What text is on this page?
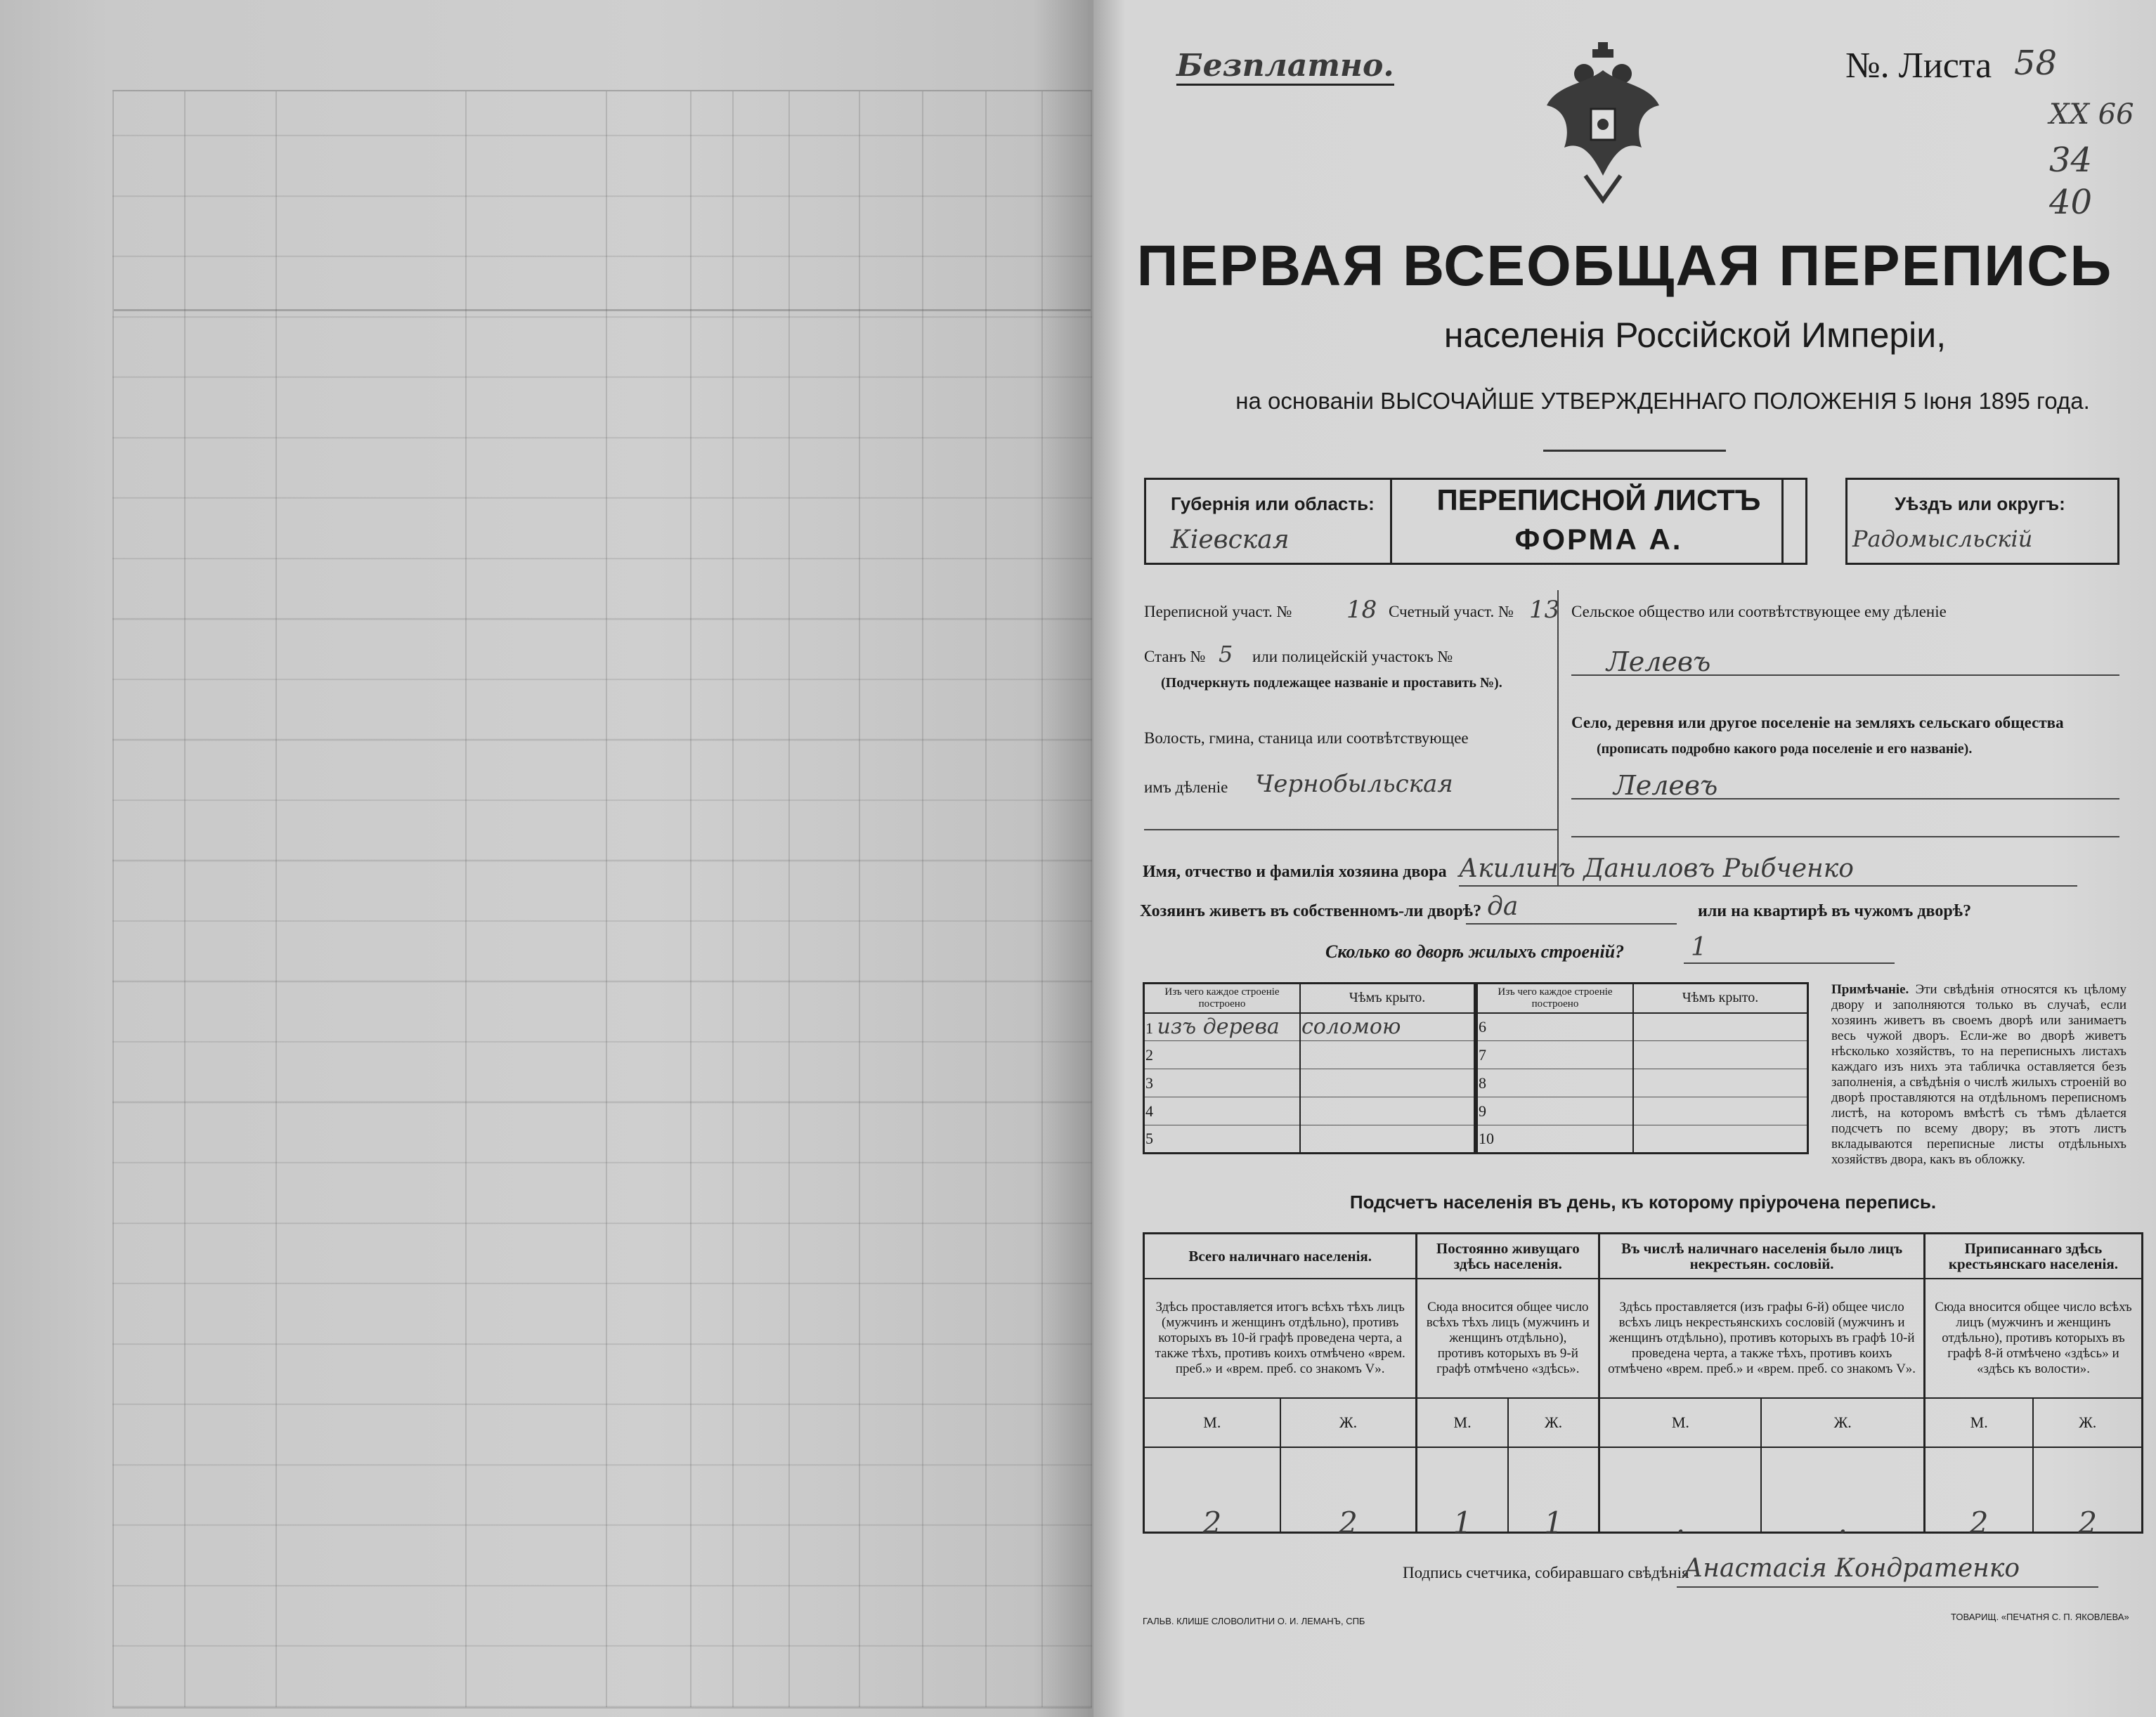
Безплатно.	№. Листа 58
ХХ 66
34
40
ПЕРВАЯ ВСЕОБЩАЯ ПЕРЕПИСЬ
населенія Россійской Имперіи,
на основаніи ВЫСОЧАЙШЕ УТВЕРЖДЕННАГО ПОЛОЖЕНІЯ 5 Іюня 1895 года.
Губернія или область:
Кіевская
ПЕРЕПИСНОЙ ЛИСТЪ
ФОРМА А.
Уѣздъ или округъ:
Радомысльскій
Переписной участ. № 18 Счетный участ. № 13
Станъ № 5 или полицейскій участокъ №
(Подчеркнуть подлежащее названіе и проставить №).
Волость, гмина, станица или соотвѣтствующее
имъ дѣленіе Чернобыльская
Сельское общество или соотвѣтствующее ему дѣленіе
Лелевъ
Село, деревня или другое поселеніе на земляхъ сельскаго общества
(прописать подробно какого рода поселеніе и его названіе).
Лелевъ
Имя, отчество и фамилія хозяина двора Акилинъ Даниловъ Рыбченко
Хозяинъ живетъ въ собственномъ-ли дворѣ? да	или на квартирѣ въ чужомъ дворѣ?
Сколько во дворѣ жилыхъ строеній?	1
Изъ чего каждое строеніе построено	Чѣмъ крыто.
1 изъ дерева	соломою
2	
3	
4	
5	
Изъ чего каждое строеніе построено	Чѣмъ крыто.
6	
7	
8	
9	
10	
Примѣчаніе. Эти свѣдѣнія относятся къ цѣлому двору и заполняются только въ случаѣ, если хозяинъ живетъ въ своемъ дворѣ или занимаетъ весь чужой дворъ. Если-же во дворѣ живетъ нѣсколько хозяйствъ, то на переписныхъ листахъ каждаго изъ нихъ эта табличка оставляется безъ заполненія, а свѣдѣнія о числѣ жилыхъ строеній во дворѣ проставляются на отдѣльномъ переписномъ листѣ, на которомъ вмѣстѣ съ тѣмъ дѣлается подсчетъ по всему двору; въ этотъ листъ вкладываются переписные листы отдѣльныхъ хозяйствъ двора, какъ въ обложку.
Подсчетъ населенія въ день, къ которому пріурочена перепись.
Всего наличнаго населенія.		Постоянно живущаго здѣсь населенія.		Въ числѣ наличнаго населенія было лицъ некрестьян. сословій.		Приписаннаго здѣсь крестьянскаго населенія.	
Здѣсь проставляется итогъ всѣхъ тѣхъ лицъ (мужчинъ и женщинъ отдѣльно), противъ которыхъ въ 10-й графѣ проведена черта, а также тѣхъ, противъ коихъ отмѣчено «врем. преб.» и «врем. преб. со знакомъ V».		Сюда вносится общее число всѣхъ тѣхъ лицъ (мужчинъ и женщинъ отдѣльно), противъ которыхъ въ 9-й графѣ отмѣчено «здѣсь».		Здѣсь проставляется (изъ графы 6-й) общее число всѣхъ лицъ некрестьянскихъ сословій (мужчинъ и женщинъ отдѣльно), противъ которыхъ въ графѣ 10-й проведена черта, а также тѣхъ, противъ коихъ отмѣчено «врем. преб.» и «врем. преб. со знакомъ V».		Сюда вносится общее число всѣхъ лицъ (мужчинъ и женщинъ отдѣльно), противъ которыхъ въ графѣ 8-й отмѣчено «здѣсь» и «здѣсь къ волости».	
М.	Ж.	М.	Ж.	М.	Ж.	М.	Ж.
2	2	1	1	.	.	2	2
Подпись счетчика, собиравшаго свѣдѣнія
Анастасія Кондратенко
ГАЛЬВ. КЛИШЕ СЛОВОЛИТНИ О. И. ЛЕМАНЪ, СПБ	ТОВАРИЩ. «ПЕЧАТНЯ С. П. ЯКОВЛЕВА»
